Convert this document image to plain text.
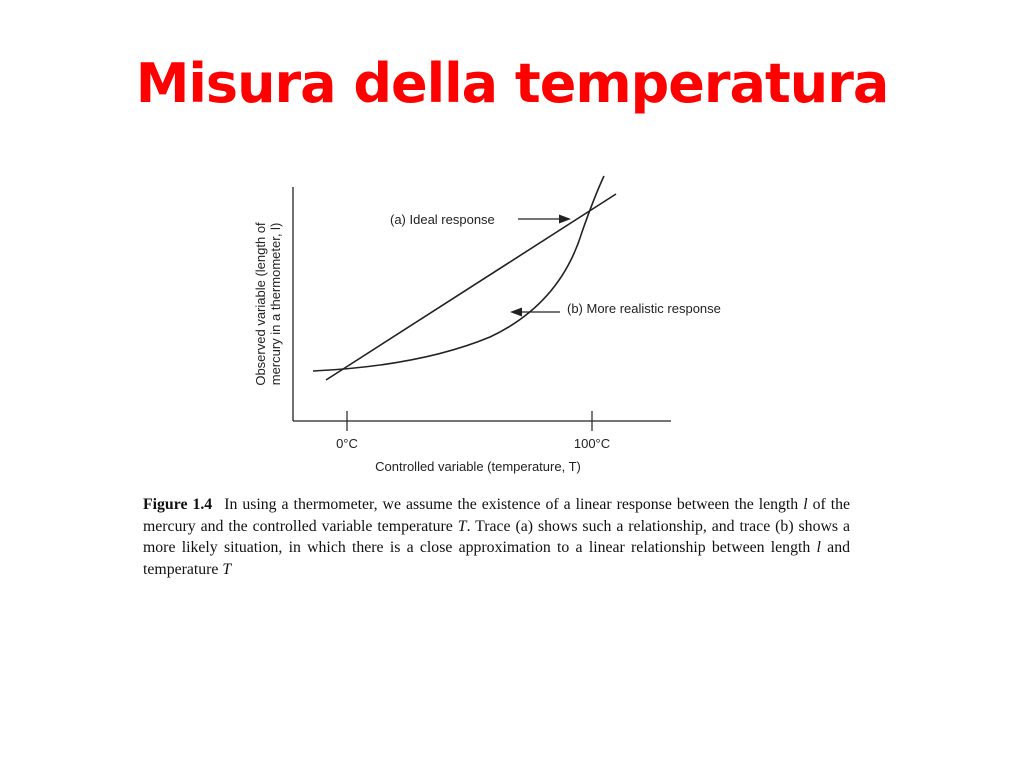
Misura della temperatura
(a) Ideal response
(b) More realistic response
0°C	100°C
Controlled variable (temperature, T)
Observed variable (length of mercury in a thermometer, l)
Figure 1.4 In using a thermometer, we assume the existence of a linear response between the length l of the mercury and the controlled variable temperature T. Trace (a) shows such a relationship, and trace (b) shows a more likely situation, in which there is a close approximation to a linear relationship between length l and temperature T
